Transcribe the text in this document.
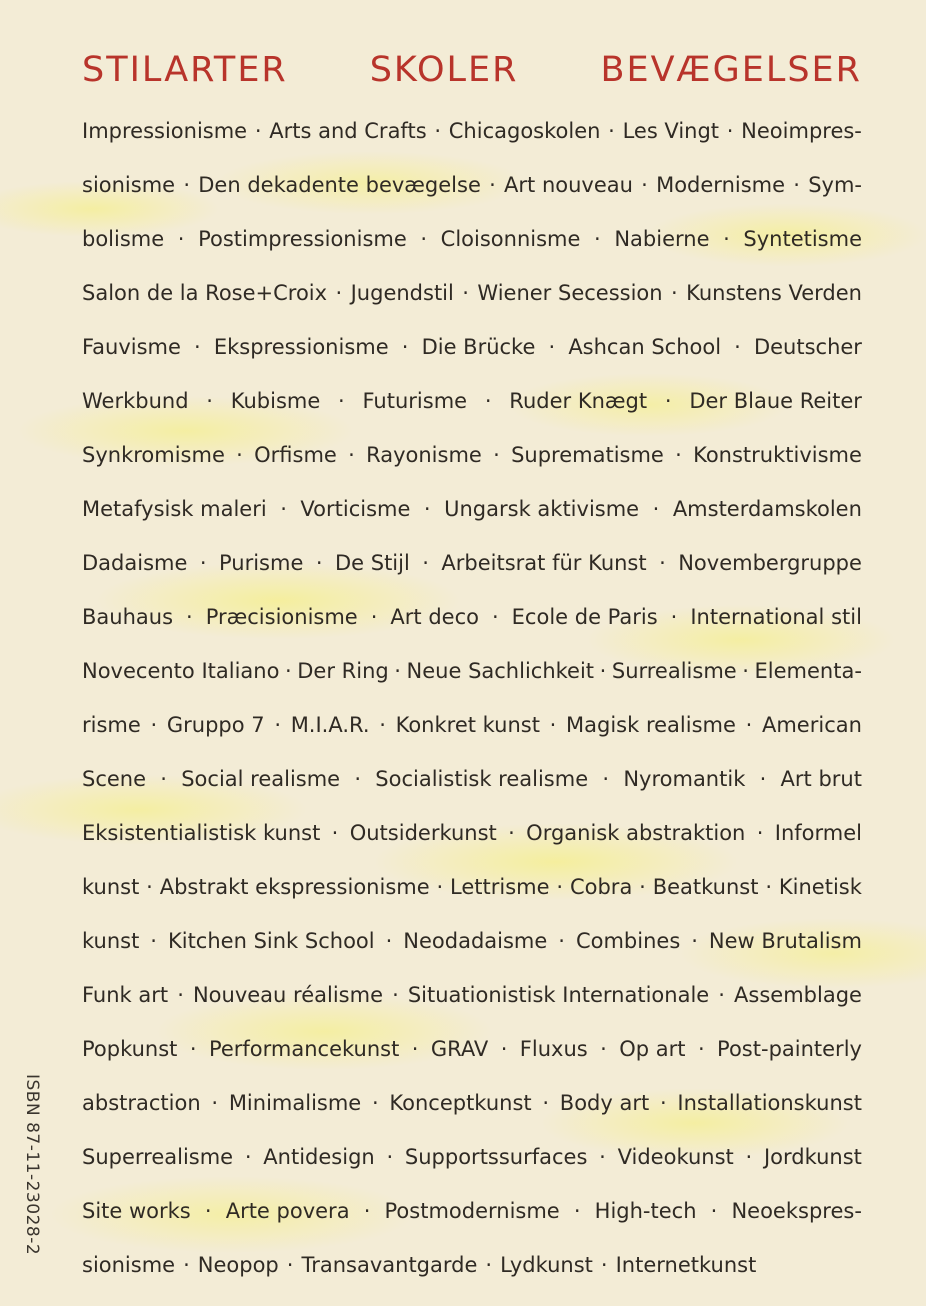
STILARTER SKOLER BEVÆGELSER
Impressionisme · Arts and Crafts · Chicagoskolen · Les Vingt · Neoimpres-
sionisme · Den dekadente bevægelse · Art nouveau · Modernisme · Sym-
bolisme · Postimpressionisme · Cloisonnisme · Nabierne · Syntetisme
Salon de la Rose+Croix · Jugendstil · Wiener Secession · Kunstens Verden
Fauvisme · Ekspressionisme · Die Brücke · Ashcan School · Deutscher
Werkbund · Kubisme · Futurisme · Ruder Knægt · Der Blaue Reiter
Synkromisme · Orfisme · Rayonisme · Suprematisme · Konstruktivisme
Metafysisk maleri · Vorticisme · Ungarsk aktivisme · Amsterdamskolen
Dadaisme · Purisme · De Stijl · Arbeitsrat für Kunst · Novembergruppe
Bauhaus · Præcisionisme · Art deco · Ecole de Paris · International stil
Novecento Italiano · Der Ring · Neue Sachlichkeit · Surrealisme · Elementa-
risme · Gruppo 7 · M.I.A.R. · Konkret kunst · Magisk realisme · American
Scene · Social realisme · Socialistisk realisme · Nyromantik · Art brut
Eksistentialistisk kunst · Outsiderkunst · Organisk abstraktion · Informel
kunst · Abstrakt ekspressionisme · Lettrisme · Cobra · Beatkunst · Kinetisk
kunst · Kitchen Sink School · Neodadaisme · Combines · New Brutalism
Funk art · Nouveau réalisme · Situationistisk Internationale · Assemblage
Popkunst · Performancekunst · GRAV · Fluxus · Op art · Post-painterly
abstraction · Minimalisme · Konceptkunst · Body art · Installationskunst
Superrealisme · Antidesign · Supportssurfaces · Videokunst · Jordkunst
Site works · Arte povera · Postmodernisme · High-tech · Neoekspres-
sionisme · Neopop · Transavantgarde · Lydkunst · Internetkunst
ISBN 87-11-23028-2
